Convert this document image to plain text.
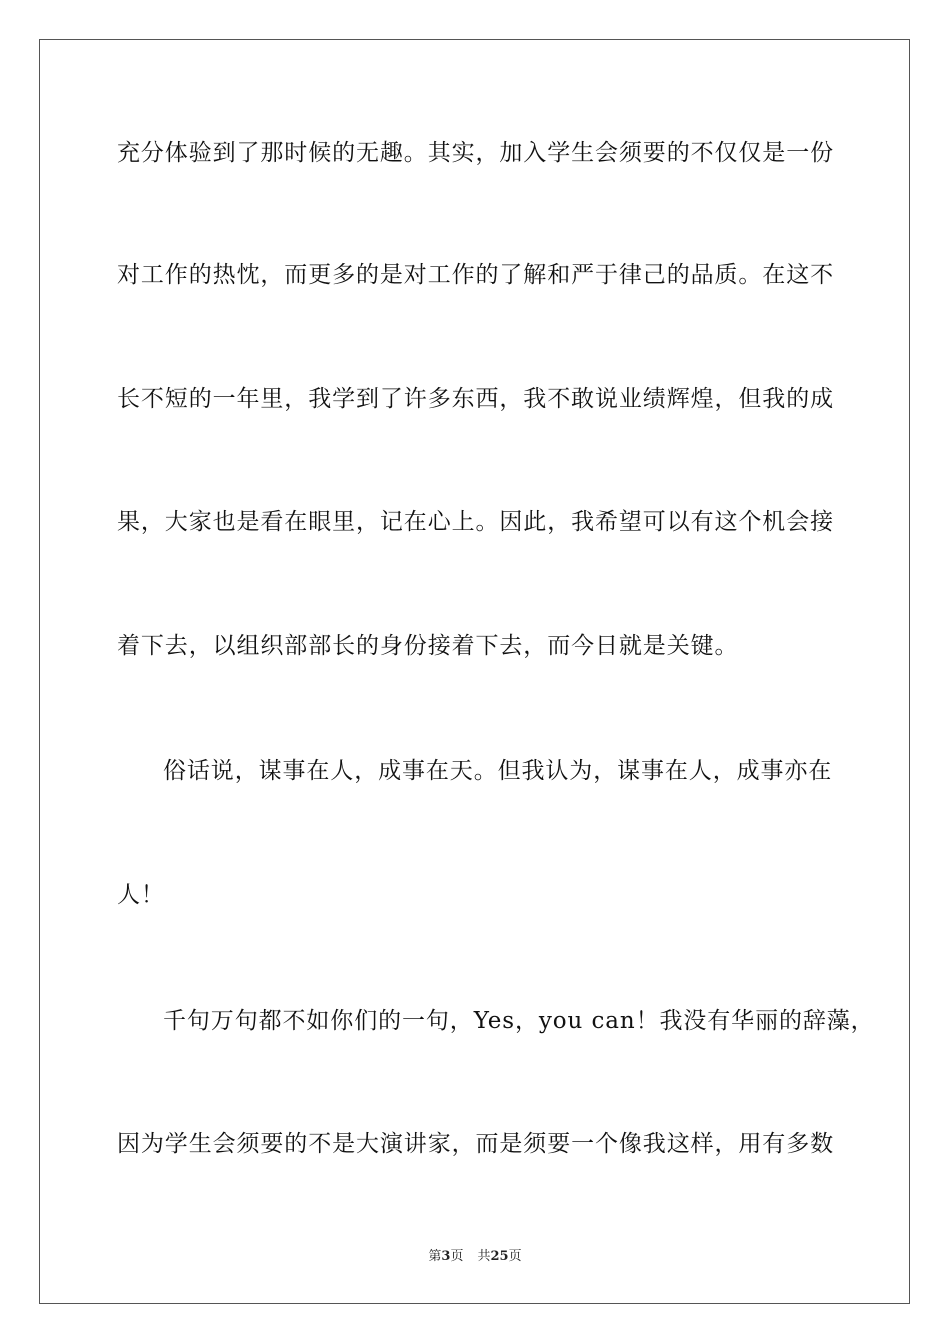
充分体验到了那时候的无趣。其实，加入学生会须要的不仅仅是一份
对工作的热忱，而更多的是对工作的了解和严于律己的品质。在这不
长不短的一年里，我学到了许多东西，我不敢说业绩辉煌，但我的成
果，大家也是看在眼里，记在心上。因此，我希望可以有这个机会接
着下去，以组织部部长的身份接着下去，而今日就是关键。
俗话说，谋事在人，成事在天。但我认为，谋事在人，成事亦在
人！
千句万句都不如你们的一句，Yes，you can！我没有华丽的辞藻，
因为学生会须要的不是大演讲家，而是须要一个像我这样，用有多数
第3页 共25页
